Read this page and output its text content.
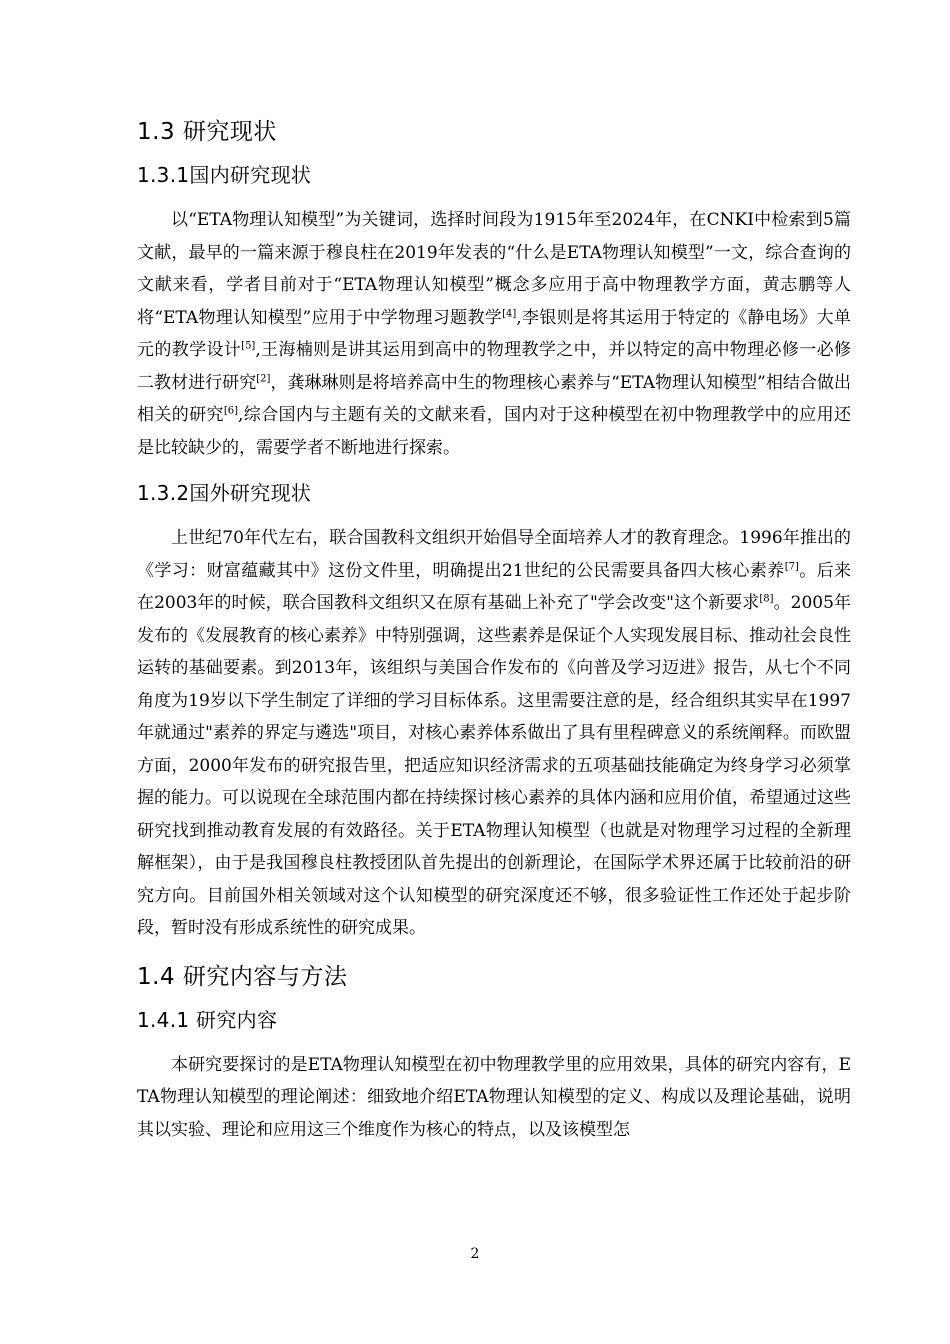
1.3 研究现状
1.3.1国内研究现状

以“ETA物理认知模型”为关键词，选择时间段为1915年至2024年，在CNKI中检索到5篇文献，最早的一篇来源于穆良柱在2019年发表的“什么是ETA物理认知模型”一文，综合查询的文献来看，学者目前对于“ETA物理认知模型”概念多应用于高中物理教学方面，黄志鹏等人将“ETA物理认知模型”应用于中学物理习题教学[4],李银则是将其运用于特定的《静电场》大单元的教学设计[5],王海楠则是讲其运用到高中的物理教学之中，并以特定的高中物理必修一必修二教材进行研究[2]，龚琳琳则是将培养高中生的物理核心素养与“ETA物理认知模型”相结合做出相关的研究[6],综合国内与主题有关的文献来看，国内对于这种模型在初中物理教学中的应用还是比较缺少的，需要学者不断地进行探索。

1.3.2国外研究现状

上世纪70年代左右，联合国教科文组织开始倡导全面培养人才的教育理念。1996年推出的《学习：财富蕴藏其中》这份文件里，明确提出21世纪的公民需要具备四大核心素养[7]。后来在2003年的时候，联合国教科文组织又在原有基础上补充了"学会改变"这个新要求[8]。2005年发布的《发展教育的核心素养》中特别强调，这些素养是保证个人实现发展目标、推动社会良性运转的基础要素。到2013年，该组织与美国合作发布的《向普及学习迈进》报告，从七个不同角度为19岁以下学生制定了详细的学习目标体系。这里需要注意的是，经合组织其实早在1997年就通过"素养的界定与遴选"项目，对核心素养体系做出了具有里程碑意义的系统阐释。而欧盟方面，2000年发布的研究报告里，把适应知识经济需求的五项基础技能确定为终身学习必须掌握的能力。可以说现在全球范围内都在持续探讨核心素养的具体内涵和应用价值，希望通过这些研究找到推动教育发展的有效路径。关于ETA物理认知模型（也就是对物理学习过程的全新理解框架），由于是我国穆良柱教授团队首先提出的创新理论，在国际学术界还属于比较前沿的研究方向。目前国外相关领域对这个认知模型的研究深度还不够，很多验证性工作还处于起步阶段，暂时没有形成系统性的研究成果。

1.4 研究内容与方法
1.4.1 研究内容

本研究要探讨的是ETA物理认知模型在初中物理教学里的应用效果，具体的研究内容有，ETA物理认知模型的理论阐述：细致地介绍ETA物理认知模型的定义、构成以及理论基础，说明其以实验、理论和应用这三个维度作为核心的特点，以及该模型怎

2
